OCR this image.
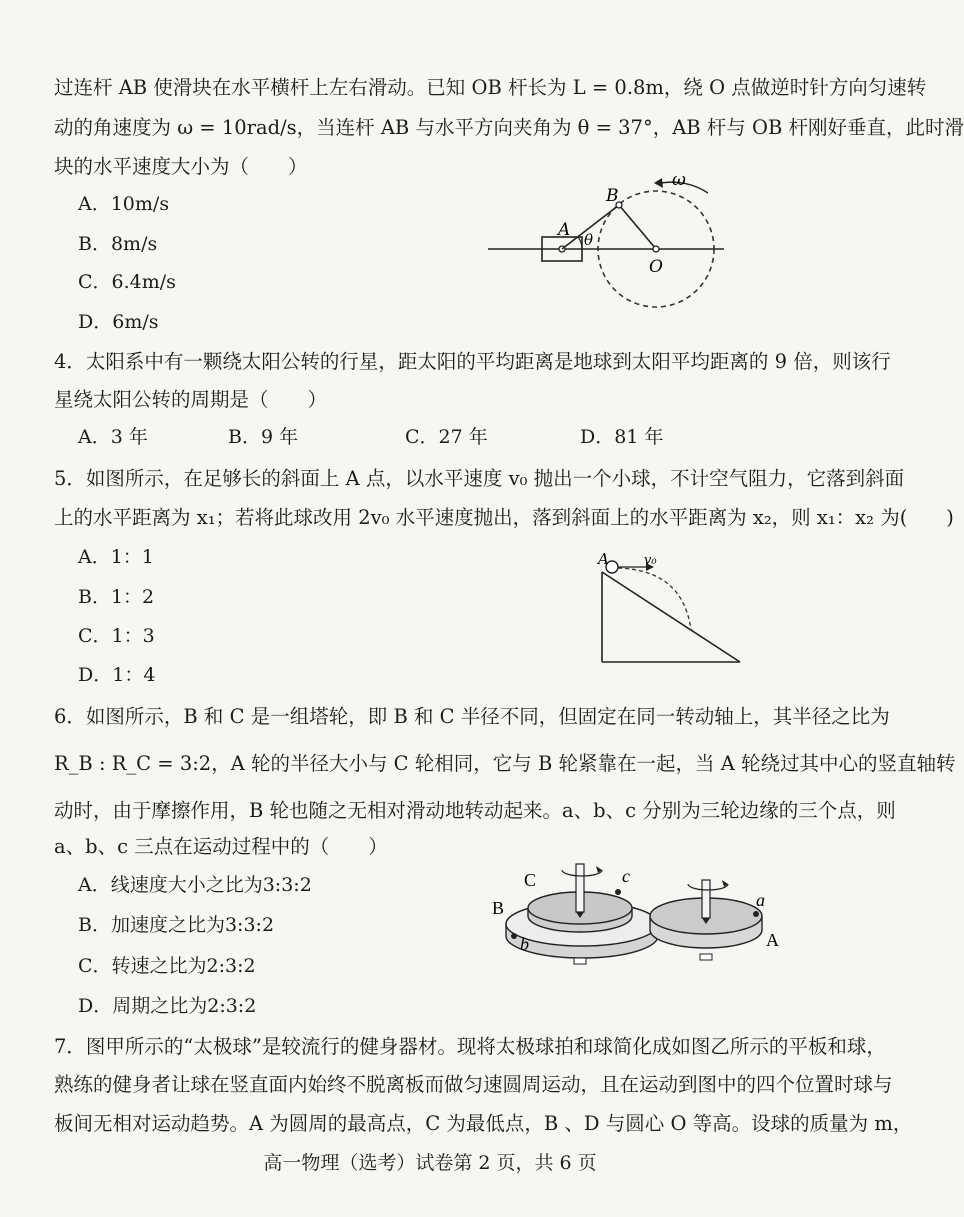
过连杆 AB 使滑块在水平横杆上左右滑动。已知 OB 杆长为 L = 0.8m，绕 O 点做逆时针方向匀速转
动的角速度为 ω = 10rad/s，当连杆 AB 与水平方向夹角为 θ = 37°，AB 杆与 OB 杆刚好垂直，此时滑
块的水平速度大小为（　　）
A．10m/s
B．8m/s
C．6.4m/s
D．6m/s
A
B
O
θ
ω
4．太阳系中有一颗绕太阳公转的行星，距太阳的平均距离是地球到太阳平均距离的 9 倍，则该行
星绕太阳公转的周期是（　　）
A．3 年	B．9 年	C．27 年	D．81 年
5．如图所示，在足够长的斜面上 A 点，以水平速度 v₀ 抛出一个小球，不计空气阻力，它落到斜面
上的水平距离为 x₁；若将此球改用 2v₀ 水平速度抛出，落到斜面上的水平距离为 x₂，则 x₁：x₂ 为(　　)
A．1：1
B．1：2
C．1：3
D．1：4
A	v₀
6．如图所示，B 和 C 是一组塔轮，即 B 和 C 半径不同，但固定在同一转动轴上，其半径之比为
R_B : R_C = 3:2，A 轮的半径大小与 C 轮相同，它与 B 轮紧靠在一起，当 A 轮绕过其中心的竖直轴转
动时，由于摩擦作用，B 轮也随之无相对滑动地转动起来。a、b、c 分别为三轮边缘的三个点，则
a、b、c 三点在运动过程中的（　　）
A．线速度大小之比为3:3:2
B．加速度之比为3:3:2
C．转速之比为2:3:2
D．周期之比为2:3:2
C
B
A
c
a
b
7．图甲所示的“太极球”是较流行的健身器材。现将太极球拍和球简化成如图乙所示的平板和球，
熟练的健身者让球在竖直面内始终不脱离板而做匀速圆周运动，且在运动到图中的四个位置时球与
板间无相对运动趋势。A 为圆周的最高点，C 为最低点，B 、D 与圆心 O 等高。设球的质量为 m，
高一物理（选考）试卷第 2 页，共 6 页
